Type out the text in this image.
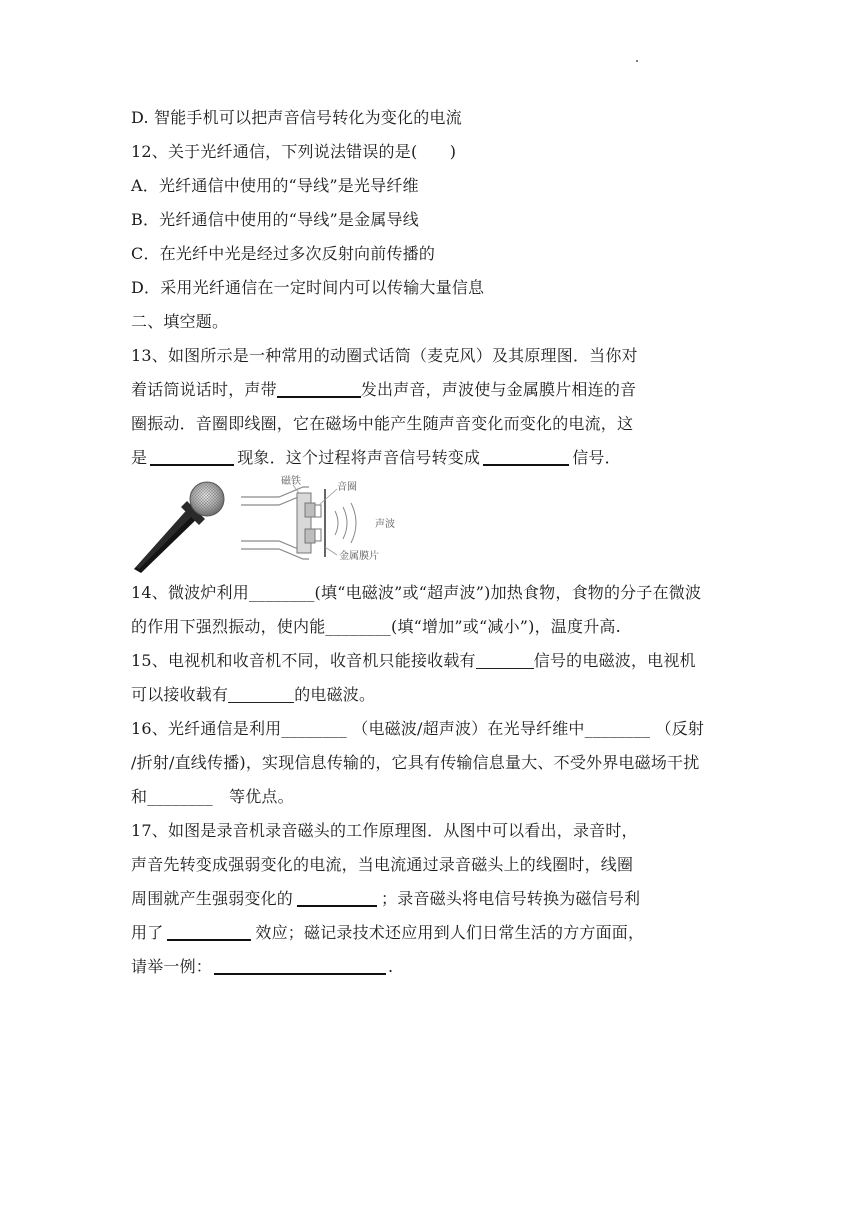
D. 智能手机可以把声音信号转化为变化的电流
12、关于光纤通信，下列说法错误的是(　　)
A．光纤通信中使用的“导线”是光导纤维
B．光纤通信中使用的“导线”是金属导线
C．在光纤中光是经过多次反射向前传播的
D．采用光纤通信在一定时间内可以传输大量信息
二、填空题。
13、如图所示是一种常用的动圈式话筒（麦克风）及其原理图．当你对
着话筒说话时，声带	发出声音，声波使与金属膜片相连的音
圈振动．音圈即线圈，它在磁场中能产生随声音变化而变化的电流，这
是	现象．这个过程将声音信号转变成	信号．
磁铁
音圈
声波
金属膜片
14、微波炉利用________(填“电磁波”或“超声波”)加热食物，食物的分子在微波
的作用下强烈振动，使内能________(填“增加”或“减小”)，温度升高.
15、电视机和收音机不同，收音机只能接收载有	信号的电磁波，电视机
可以接收载有	的电磁波。
16、光纤通信是利用________ （电磁波/超声波）在光导纤维中________ （反射
/折射/直线传播)，实现信息传输的，它具有传输信息量大、不受外界电磁场干扰
和________　等优点。
17、如图是录音机录音磁头的工作原理图．从图中可以看出，录音时，
声音先转变成强弱变化的电流，当电流通过录音磁头上的线圈时，线圈
周围就产生强弱变化的	；录音磁头将电信号转换为磁信号利
用了	效应；磁记录技术还应用到人们日常生活的方方面面，
请举一例：	.
